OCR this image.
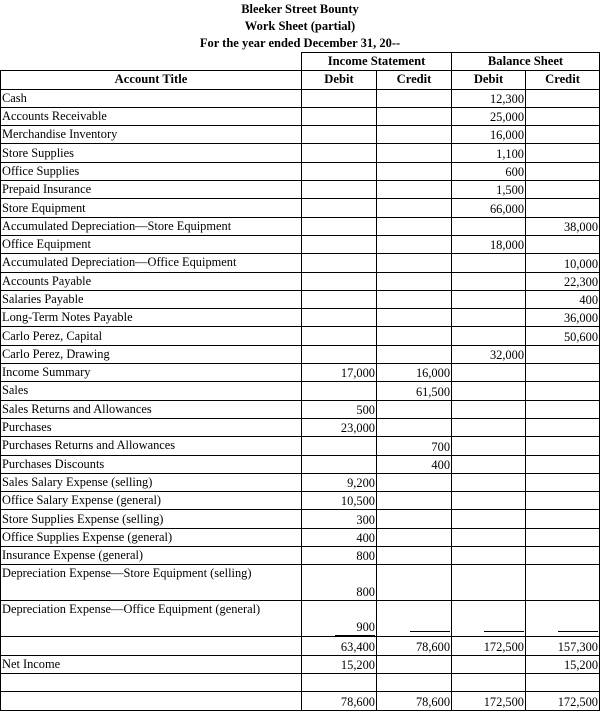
Bleeker Street Bounty
Work Sheet (partial)
For the year ended December 31, 20--
	Income Statement		Balance Sheet	
Account Title	Debit	Credit	Debit	Credit
Cash			12,300	
Accounts Receivable			25,000	
Merchandise Inventory			16,000	
Store Supplies			1,100	
Office Supplies			600	
Prepaid Insurance			1,500	
Store Equipment			66,000	
Accumulated Depreciation—Store Equipment				38,000
Office Equipment			18,000	
Accumulated Depreciation—Office Equipment				10,000
Accounts Payable				22,300
Salaries Payable				400
Long-Term Notes Payable				36,000
Carlo Perez, Capital				50,600
Carlo Perez, Drawing			32,000	
Income Summary	17,000	16,000		
Sales		61,500		
Sales Returns and Allowances	500			
Purchases	23,000			
Purchases Returns and Allowances		700		
Purchases Discounts		400		
Sales Salary Expense (selling)	9,200			
Office Salary Expense (general)	10,500			
Store Supplies Expense (selling)	300			
Office Supplies Expense (general)	400			
Insurance Expense (general)	800			
Depreciation Expense—Store Equipment (selling)	800			
Depreciation Expense—Office Equipment (general)	900			
	63,400	78,600	172,500	157,300
Net Income	15,200			15,200

	78,600	78,600	172,500	172,500
